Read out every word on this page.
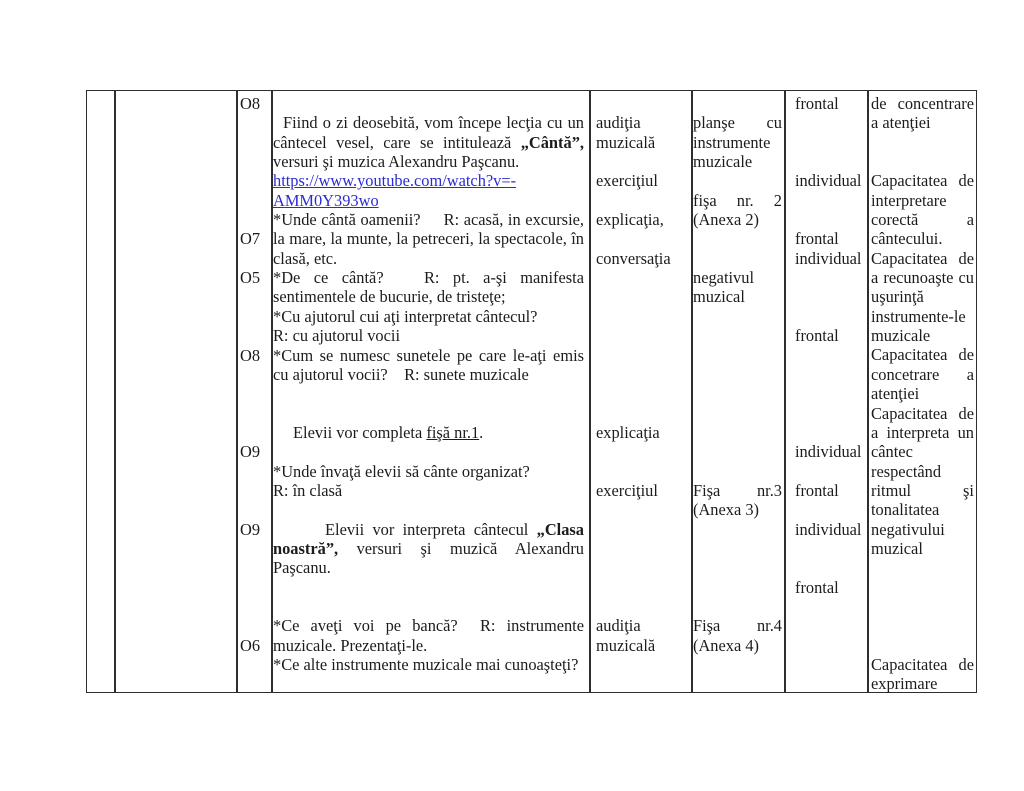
O8
O7
O5
O8
O9
O9
O6

Fiind o zi deosebită, vom începe lecţia cu un cântecel vesel, care se intitulează „Cântă”, versuri şi muzica Alexandru Paşcanu.

https://www.youtube.com/watch?v=-
AMM0Y393wo

*Unde cântă oamenii?     R: acasă, in excursie, la mare, la munte, la petreceri, la spectacole, în clasă, etc.

*De ce cântă?   R: pt. a-şi manifesta sentimentele de bucurie, de tristeţe;

*Cu ajutorul cui aţi interpretat cântecul?

R: cu ajutorul vocii

*Cum se numesc sunetele pe care le-aţi emis cu ajutorul vocii?    R: sunete muzicale

Elevii vor completa fişă nr.1.

*Unde învaţă elevii să cânte organizat?

R: în clasă

Elevii vor interpreta cântecul „Clasa noastră”, versuri şi muzică Alexandru Paşcanu.

*Ce aveţi voi pe bancă?  R: instrumente muzicale. Prezentaţi-le.

*Ce alte instrumente muzicale mai cunoaşteţi?

audiţia muzicală
exerciţiul
explicaţia,
conversaţia
explicaţia
exerciţiul
audiţia muzicală
planşe cu instrumente muzicale
fişa nr. 2 (Anexa 2)
negativul muzical
Fişa nr.3 (Anexa 3)
Fişa nr.4 (Anexa 4)
frontal
individual
frontal
individual
frontal
individual
frontal
individual
frontal
de concentrare a atenţiei
Capacitatea de interpretare corectă a cântecului. Capacitatea de a recunoaşte cu uşurinţă instrumente-le muzicale Capacitatea de concetrare a atenţiei Capacitatea de a interpreta un cântec respectând ritmul şi tonalitatea negativului muzical
Capacitatea de exprimare
